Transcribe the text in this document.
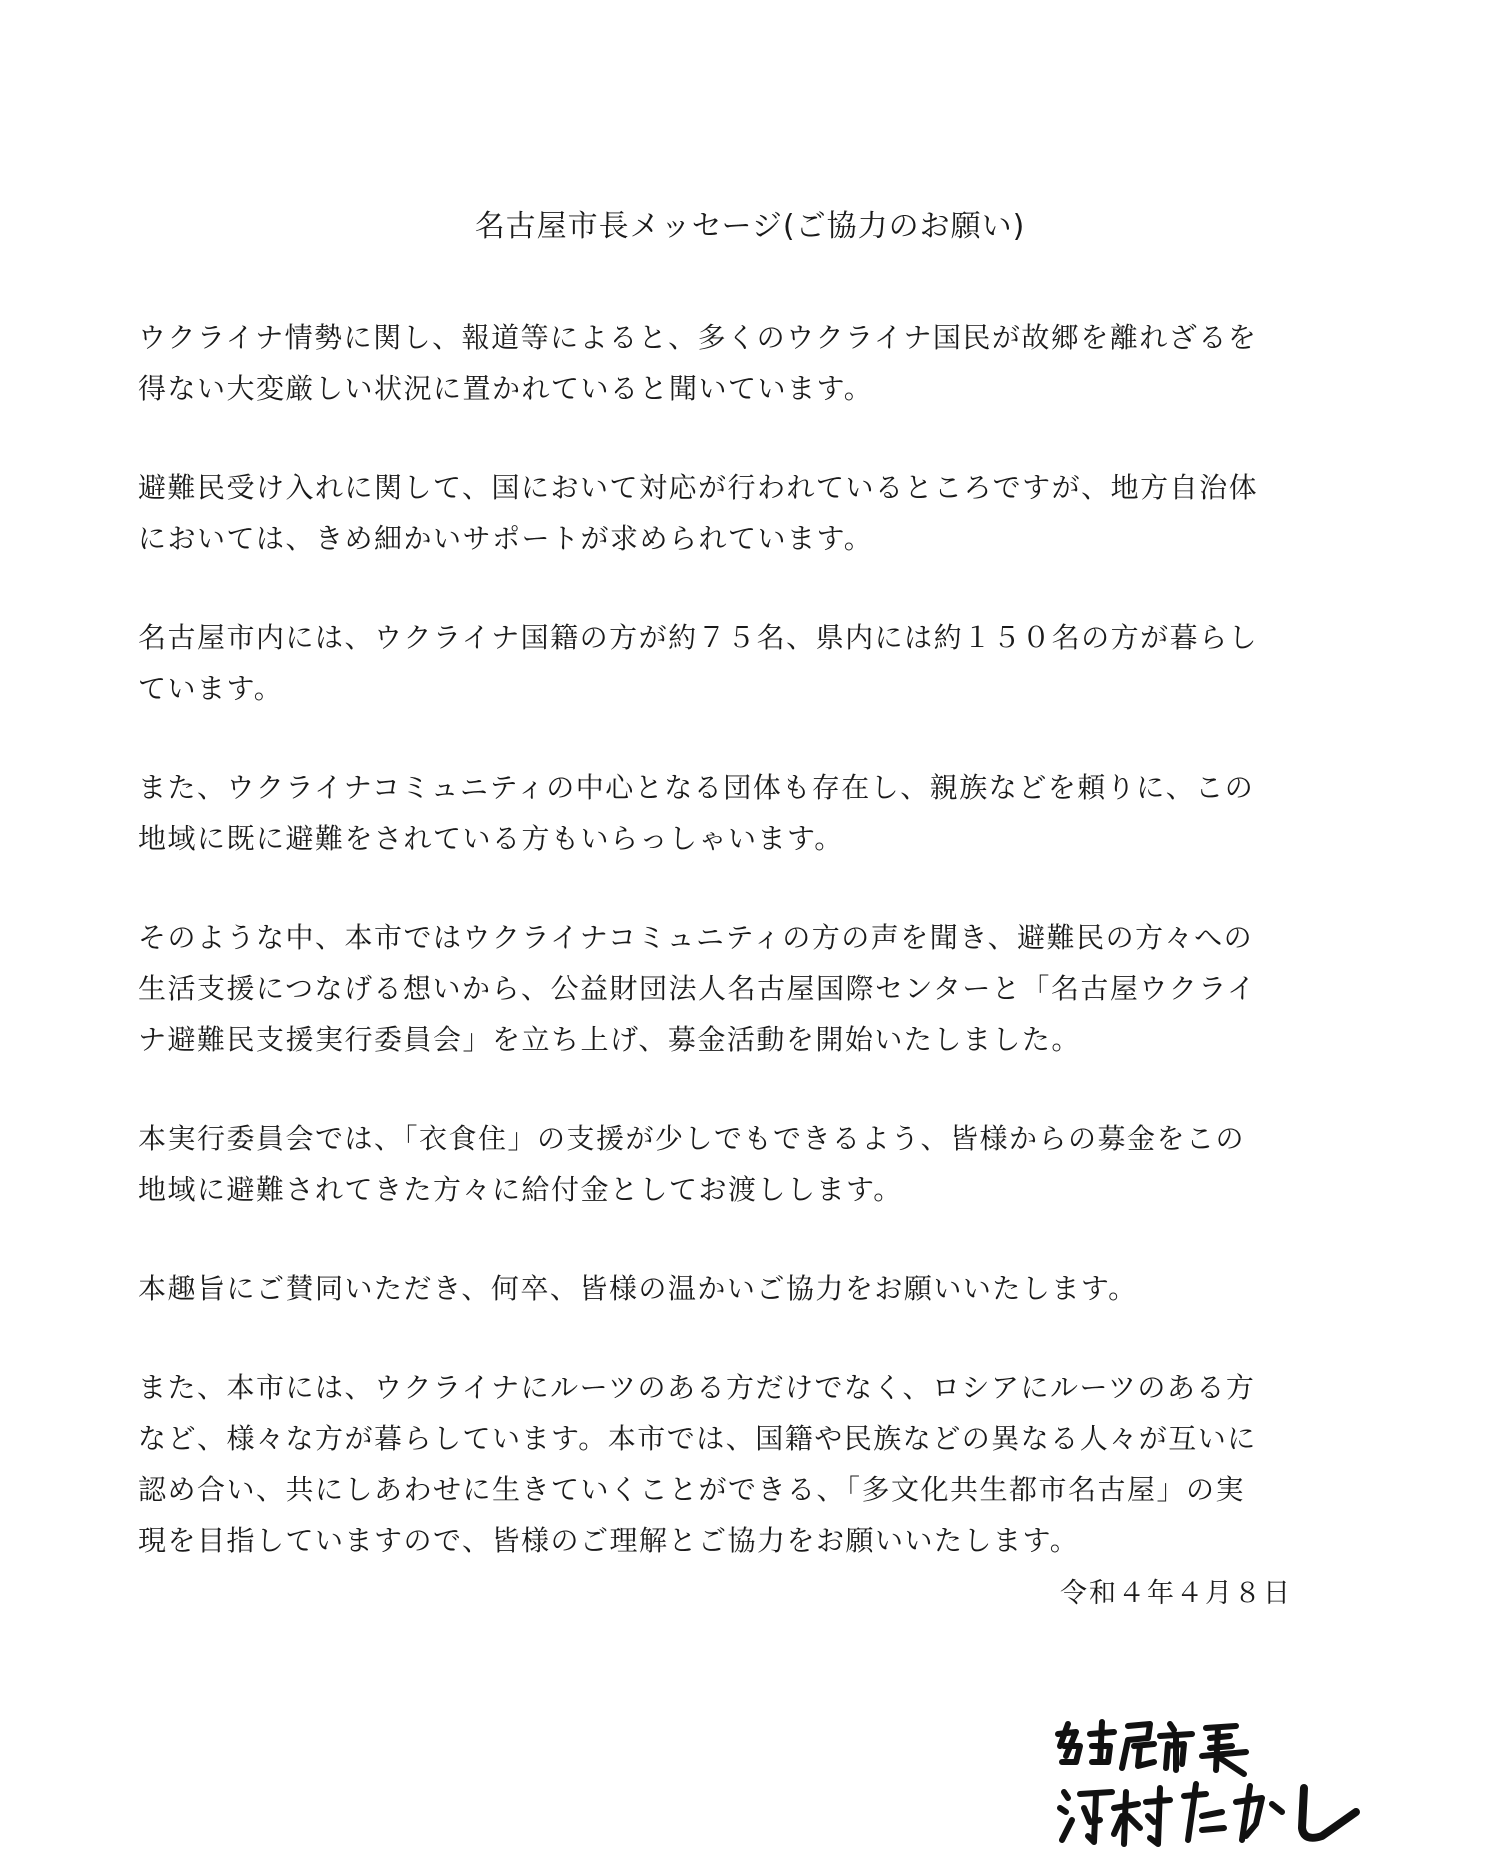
名古屋市長メッセージ(ご協力のお願い)

ウクライナ情勢に関し、報道等によると、多くのウクライナ国民が故郷を離れざるを
得ない大変厳しい状況に置かれていると聞いています。

避難民受け入れに関して、国において対応が行われているところですが、地方自治体
においては、きめ細かいサポートが求められています。

名古屋市内には、ウクライナ国籍の方が約７５名、県内には約１５０名の方が暮らし
ています。

また、ウクライナコミュニティの中心となる団体も存在し、親族などを頼りに、この
地域に既に避難をされている方もいらっしゃいます。

そのような中、本市ではウクライナコミュニティの方の声を聞き、避難民の方々への
生活支援につなげる想いから、公益財団法人名古屋国際センターと「名古屋ウクライ
ナ避難民支援実行委員会」を立ち上げ、募金活動を開始いたしました。

本実行委員会では、「衣食住」の支援が少しでもできるよう、皆様からの募金をこの
地域に避難されてきた方々に給付金としてお渡しします。

本趣旨にご賛同いただき、何卒、皆様の温かいご協力をお願いいたします。

また、本市には、ウクライナにルーツのある方だけでなく、ロシアにルーツのある方
など、様々な方が暮らしています。本市では、国籍や民族などの異なる人々が互いに
認め合い、共にしあわせに生きていくことができる、「多文化共生都市名古屋」の実
現を目指していますので、皆様のご理解とご協力をお願いいたします。

令和４年４月８日
